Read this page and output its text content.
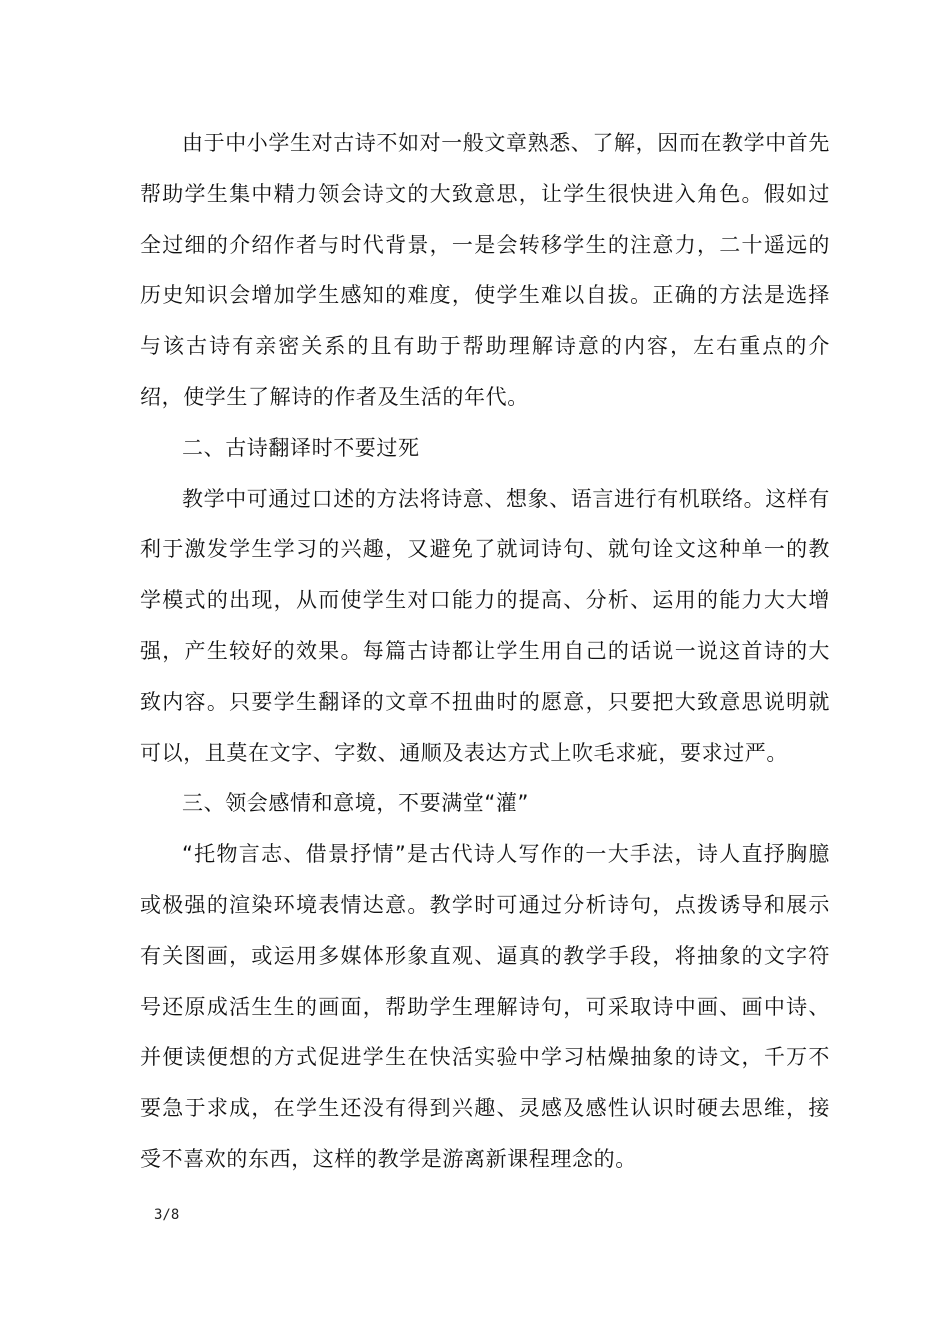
由于中小学生对古诗不如对一般文章熟悉、了解，因而在教学中首先帮助学生集中精力领会诗文的大致意思，让学生很快进入角色。假如过全过细的介绍作者与时代背景，一是会转移学生的注意力，二十遥远的历史知识会增加学生感知的难度，使学生难以自拔。正确的方法是选择与该古诗有亲密关系的且有助于帮助理解诗意的内容，左右重点的介绍，使学生了解诗的作者及生活的年代。

二、古诗翻译时不要过死

教学中可通过口述的方法将诗意、想象、语言进行有机联络。这样有利于激发学生学习的兴趣，又避免了就词诗句、就句诠文这种单一的教学模式的出现，从而使学生对口能力的提高、分析、运用的能力大大增强，产生较好的效果。每篇古诗都让学生用自己的话说一说这首诗的大致内容。只要学生翻译的文章不扭曲时的愿意，只要把大致意思说明就可以，且莫在文字、字数、通顺及表达方式上吹毛求疵，要求过严。

三、领会感情和意境，不要满堂“灌”

“托物言志、借景抒情”是古代诗人写作的一大手法，诗人直抒胸臆或极强的渲染环境表情达意。教学时可通过分析诗句，点拨诱导和展示有关图画，或运用多媒体形象直观、逼真的教学手段，将抽象的文字符号还原成活生生的画面，帮助学生理解诗句，可采取诗中画、画中诗、并便读便想的方式促进学生在快活实验中学习枯燥抽象的诗文，千万不要急于求成，在学生还没有得到兴趣、灵感及感性认识时硬去思维，接受不喜欢的东西，这样的教学是游离新课程理念的。

3/8
